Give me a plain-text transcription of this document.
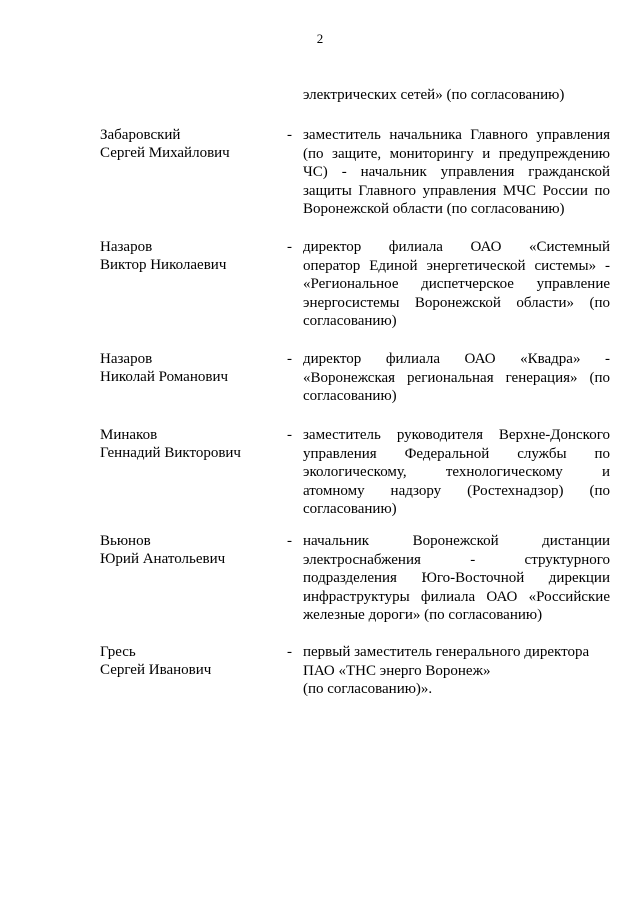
2
электрических сетей» (по согласованию)
Забаровский
Сергей Михайлович
- заместитель начальника Главного управления
(по защите, мониторингу и предупреждению
ЧС) - начальник управления гражданской
защиты Главного управления МЧС России по
Воронежской области (по согласованию)
Назаров
Виктор Николаевич
- директор филиала ОАО «Системный
оператор Единой энергетической системы» -
«Региональное диспетчерское управление
энергосистемы Воронежской области» (по
согласованию)
Назаров
Николай Романович
- директор филиала ОАО «Квадра» -
«Воронежская региональная генерация» (по
согласованию)
Минаков
Геннадий Викторович
- заместитель руководителя Верхне-Донского
управления Федеральной службы по
экологическому, технологическому и
атомному надзору (Ростехнадзор) (по
согласованию)
Вьюнов
Юрий Анатольевич
- начальник Воронежской дистанции
электроснабжения - структурного
подразделения Юго-Восточной дирекции
инфраструктуры филиала ОАО «Российские
железные дороги» (по согласованию)
Гресь
Сергей Иванович
- первый заместитель генерального директора
ПАО «ТНС энерго Воронеж»
(по согласованию)».
